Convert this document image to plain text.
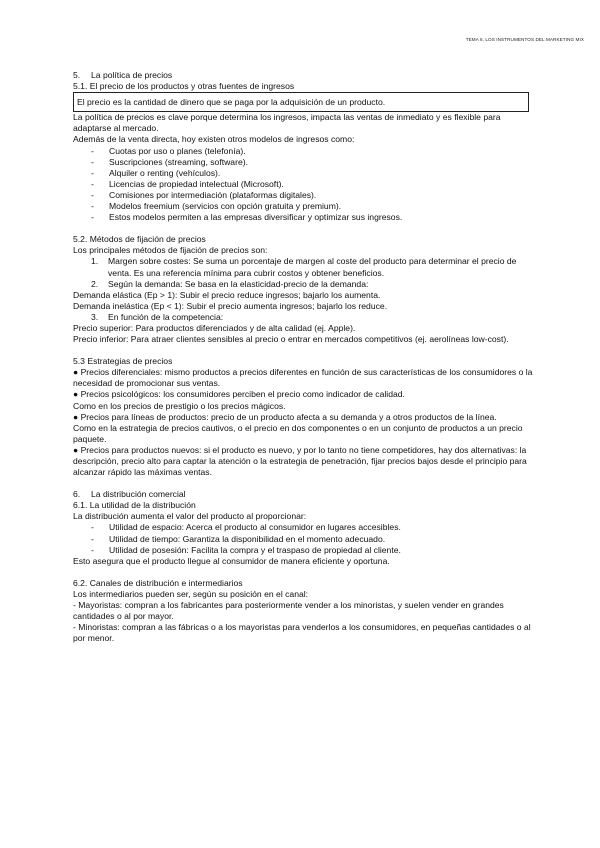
TEMA 6. LOS INSTRUMENTOS DEL MARKETING MIX
5. La política de precios
5.1. El precio de los productos y otras fuentes de ingresos
El precio es la cantidad de dinero que se paga por la adquisición de un producto.

La política de precios es clave porque determina los ingresos, impacta las ventas de inmediato y es flexible para adaptarse al mercado.

Además de la venta directa, hoy existen otros modelos de ingresos como:

- Cuotas por uso o planes (telefonía).
- Suscripciones (streaming, software).
- Alquiler o renting (vehículos).
- Licencias de propiedad intelectual (Microsoft).
- Comisiones por intermediación (plataformas digitales).
- Modelos freemium (servicios con opción gratuita y premium).
- Estos modelos permiten a las empresas diversificar y optimizar sus ingresos.
5.2. Métodos de fijación de precios

Los principales métodos de fijación de precios son:

1. Margen sobre costes: Se suma un porcentaje de margen al coste del producto para determinar el precio de venta. Es una referencia mínima para cubrir costos y obtener beneficios.
2. Según la demanda: Se basa en la elasticidad-precio de la demanda:

Demanda elástica (Ep > 1): Subir el precio reduce ingresos; bajarlo los aumenta.

Demanda inelástica (Ep < 1): Subir el precio aumenta ingresos; bajarlo los reduce.

3. En función de la competencia:

Precio superior: Para productos diferenciados y de alta calidad (ej. Apple).

Precio inferior: Para atraer clientes sensibles al precio o entrar en mercados competitivos (ej. aerolíneas low-cost).

5.3 Estrategias de precios

● Precios diferenciales: mismo productos a precios diferentes en función de sus características de los consumidores o la necesidad de promocionar sus ventas.

● Precios psicológicos: los consumidores perciben el precio como indicador de calidad.

Como en los precios de prestigio o los precios mágicos.

● Precios para líneas de productos: precio de un producto afecta a su demanda y a otros productos de la línea.

Como en la estrategia de precios cautivos, o el precio en dos componentes o en un conjunto de productos a un precio paquete.

● Precios para productos nuevos: si el producto es nuevo, y por lo tanto no tiene competidores, hay dos alternativas: la descripción, precio alto para captar la atención o la estrategia de penetración, fijar precios bajos desde el principio para alcanzar rápido las máximas ventas.

6. La distribución comercial
6.1. La utilidad de la distribución

La distribución aumenta el valor del producto al proporcionar:

- Utilidad de espacio: Acerca el producto al consumidor en lugares accesibles.
- Utilidad de tiempo: Garantiza la disponibilidad en el momento adecuado.
- Utilidad de posesión: Facilita la compra y el traspaso de propiedad al cliente.

Esto asegura que el producto llegue al consumidor de manera eficiente y oportuna.

6.2. Canales de distribución e intermediarios

Los intermediarios pueden ser, según su posición en el canal:

- Mayoristas: compran a los fabricantes para posteriormente vender a los minoristas, y suelen vender en grandes cantidades o al por mayor.

- Minoristas: compran a las fábricas o a los mayoristas para venderlos a los consumidores, en pequeñas cantidades o al por menor.
